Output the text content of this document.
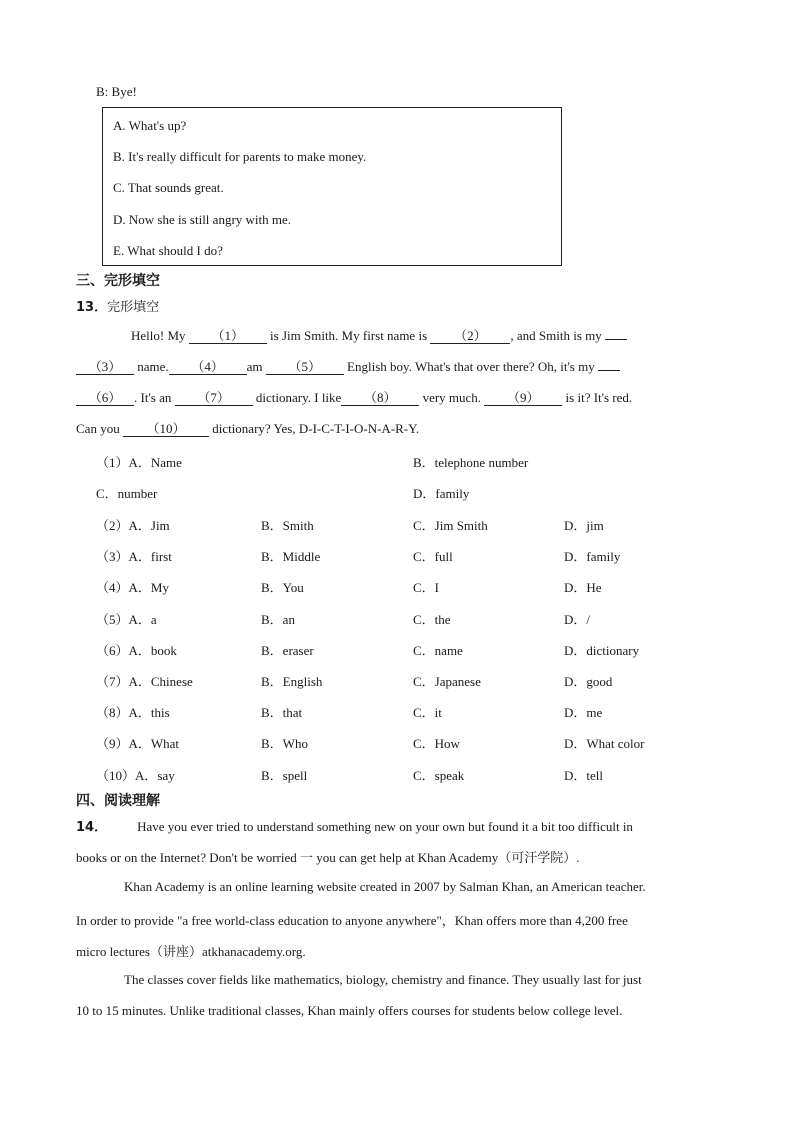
B: Bye!
A. What's up?
B. It's really difficult for parents to make money.
C. That sounds great.
D. Now she is still angry with me.
E. What should I do?
三、完形填空
13．完形填空
Hello! My （1） is Jim Smith. My first name is （2） , and Smith is my
（3） name. （4） am （5） English boy. What's that over there? Oh, it's my
（6） . It's an （7） dictionary. I like （8） very much. （9） is it? It's red.
Can you （10） dictionary? Yes, D-I-C-T-I-O-N-A-R-Y.
（1）A．Name	B．telephone number
C．number	D．family
（2）A．Jim	B．Smith	C．Jim Smith	D．jim
（3）A．first	B．Middle	C．full	D．family
（4）A．My	B．You	C．I	D．He
（5）A．a	B．an	C．the	D．/
（6）A．book	B．eraser	C．name	D．dictionary
（7）A．Chinese	B．English	C．Japanese	D．good
（8）A．this	B．that	C．it	D．me
（9）A．What	B．Who	C．How	D．What color
（10）A．say	B．spell	C．speak	D．tell
四、阅读理解
14． Have you ever tried to understand something new on your own but found it a bit too difficult in
books or on the Internet? Don't be worried 一 you can get help at Khan Academy（可汗学院）.
Khan Academy is an online learning website created in 2007 by Salman Khan, an American teacher.
In order to provide "a free world-class education to anyone anywhere"，Khan offers more than 4,200 free
micro lectures（讲座）atkhanacademy.org.
The classes cover fields like mathematics, biology, chemistry and finance. They usually last for just
10 to 15 minutes. Unlike traditional classes, Khan mainly offers courses for students below college level.
